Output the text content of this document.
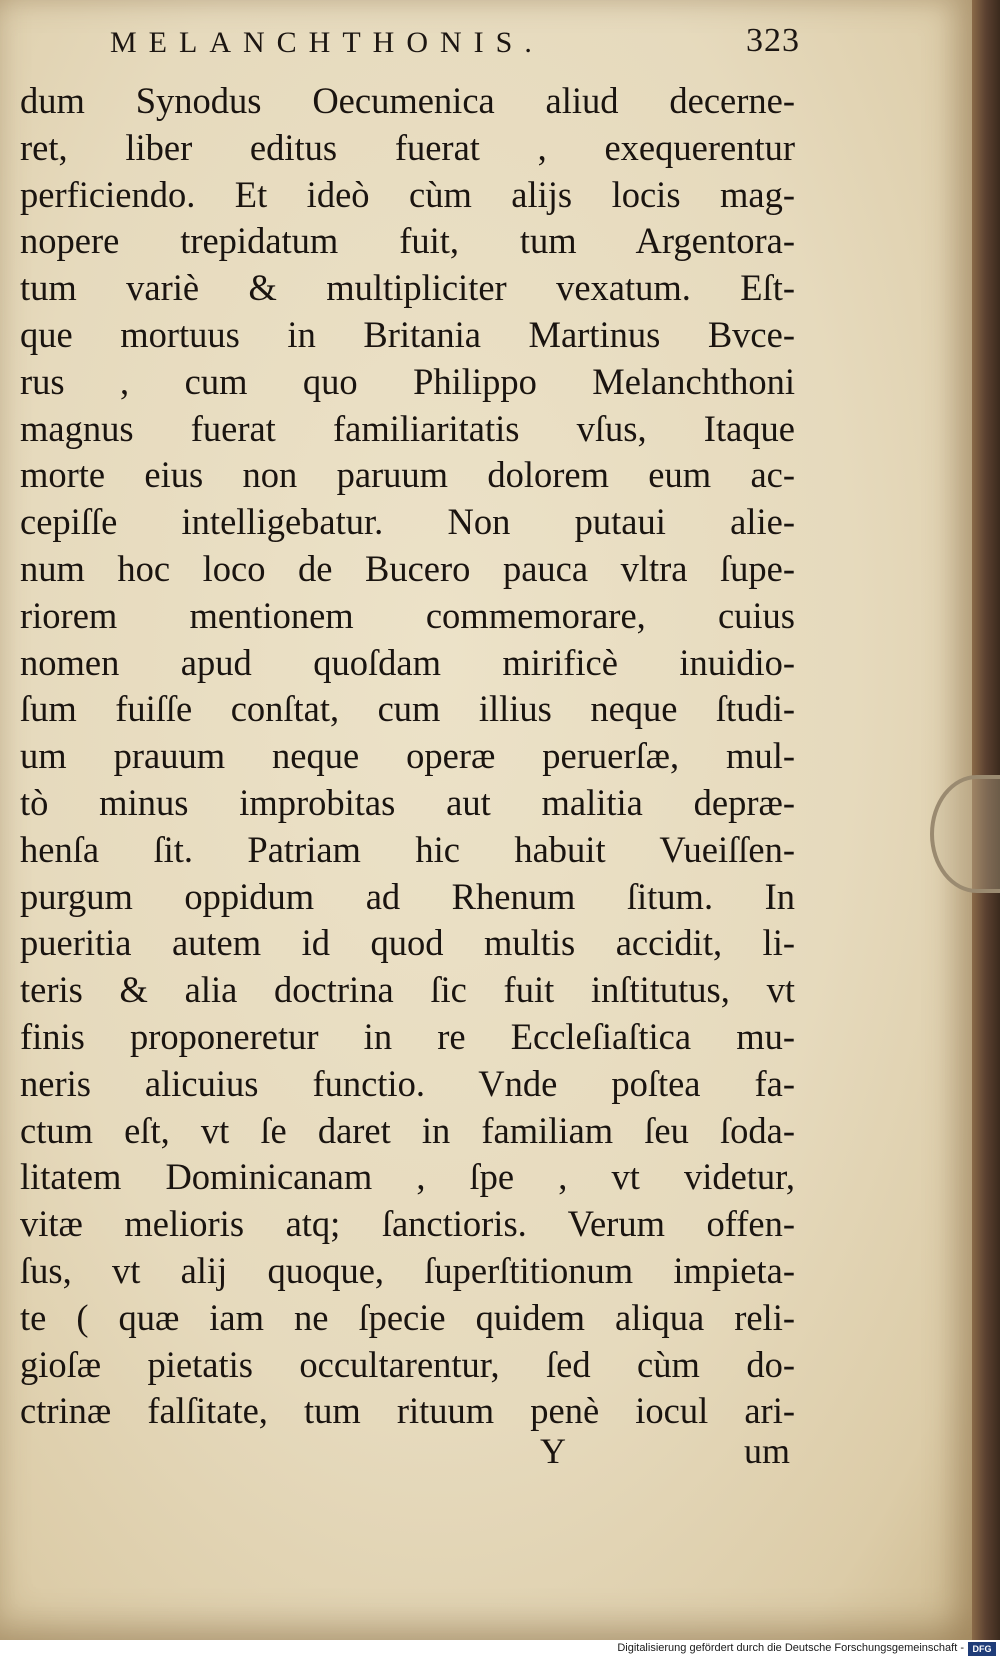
MELANCHTHONIS.	323
dum Synodus Oecumenica aliud decerne-
ret, liber editus fuerat , exequerentur
perficiendo. Et ideò cùm alijs locis mag-
nopere trepidatum fuit, tum Argentora-
tum variè & multipliciter vexatum. Eſt-
que mortuus in Britania Martinus Bvce-
rus , cum quo Philippo Melanchthoni
magnus fuerat familiaritatis vſus, Itaque
morte eius non paruum dolorem eum ac-
cepiſſe intelligebatur. Non putaui alie-
num hoc loco de Bucero pauca vltra ſupe-
riorem mentionem commemorare, cuius
nomen apud quoſdam mirificè inuidio-
ſum fuiſſe conſtat, cum illius neque ſtudi-
um prauum neque operæ peruerſæ, mul-
tò minus improbitas aut malitia depræ-
henſa ſit. Patriam hic habuit Vueiſſen-
purgum oppidum ad Rhenum ſitum. In
pueritia autem id quod multis accidit, li-
teris & alia doctrina ſic fuit inſtitutus, vt
finis proponeretur in re Eccleſiaſtica mu-
neris alicuius functio. Vnde poſtea fa-
ctum eſt, vt ſe daret in familiam ſeu ſoda-
litatem Dominicanam , ſpe , vt videtur,
vitæ melioris atq; ſanctioris. Verum offen-
ſus, vt alij quoque, ſuperſtitionum impieta-
te ( quæ iam ne ſpecie quidem aliqua reli-
gioſæ pietatis occultarentur, ſed cùm do-
ctrinæ falſitate, tum rituum penè iocul ari-
Y	um
Digitalisierung gefördert durch die Deutsche Forschungsgemeinschaft - DFG
